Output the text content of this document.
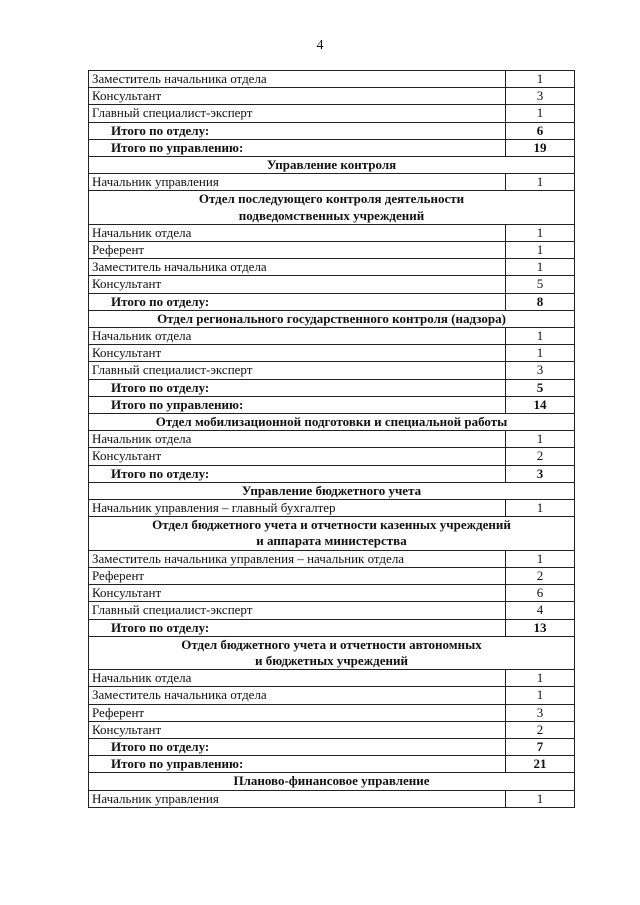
4
Заместитель начальника отдела	1
Консультант	3
Главный специалист-эксперт	1
Итого по отделу:	6
Итого по управлению:	19

Управление контроля	

Начальник управления	1

Отдел последующего контроля деятельности
подведомственных учреждений	

Начальник отдела	1
Референт	1
Заместитель начальника отдела	1
Консультант	5
Итого по отделу:	8

Отдел регионального государственного контроля (надзора)	

Начальник отдела	1
Консультант	1
Главный специалист-эксперт	3
Итого по отделу:	5
Итого по управлению:	14

Отдел мобилизационной подготовки и специальной работы	

Начальник отдела	1
Консультант	2
Итого по отделу:	3

Управление бюджетного учета	

Начальник управления – главный бухгалтер	1

Отдел бюджетного учета и отчетности казенных учреждений
и аппарата министерства	

Заместитель начальника управления – начальник отдела	1
Референт	2
Консультант	6
Главный специалист-эксперт	4
Итого по отделу:	13

Отдел бюджетного учета и отчетности автономных
и бюджетных учреждений	

Начальник отдела	1
Заместитель начальника отдела	1
Референт	3
Консультант	2
Итого по отделу:	7
Итого по управлению:	21

Планово-финансовое управление	

Начальник управления	1
